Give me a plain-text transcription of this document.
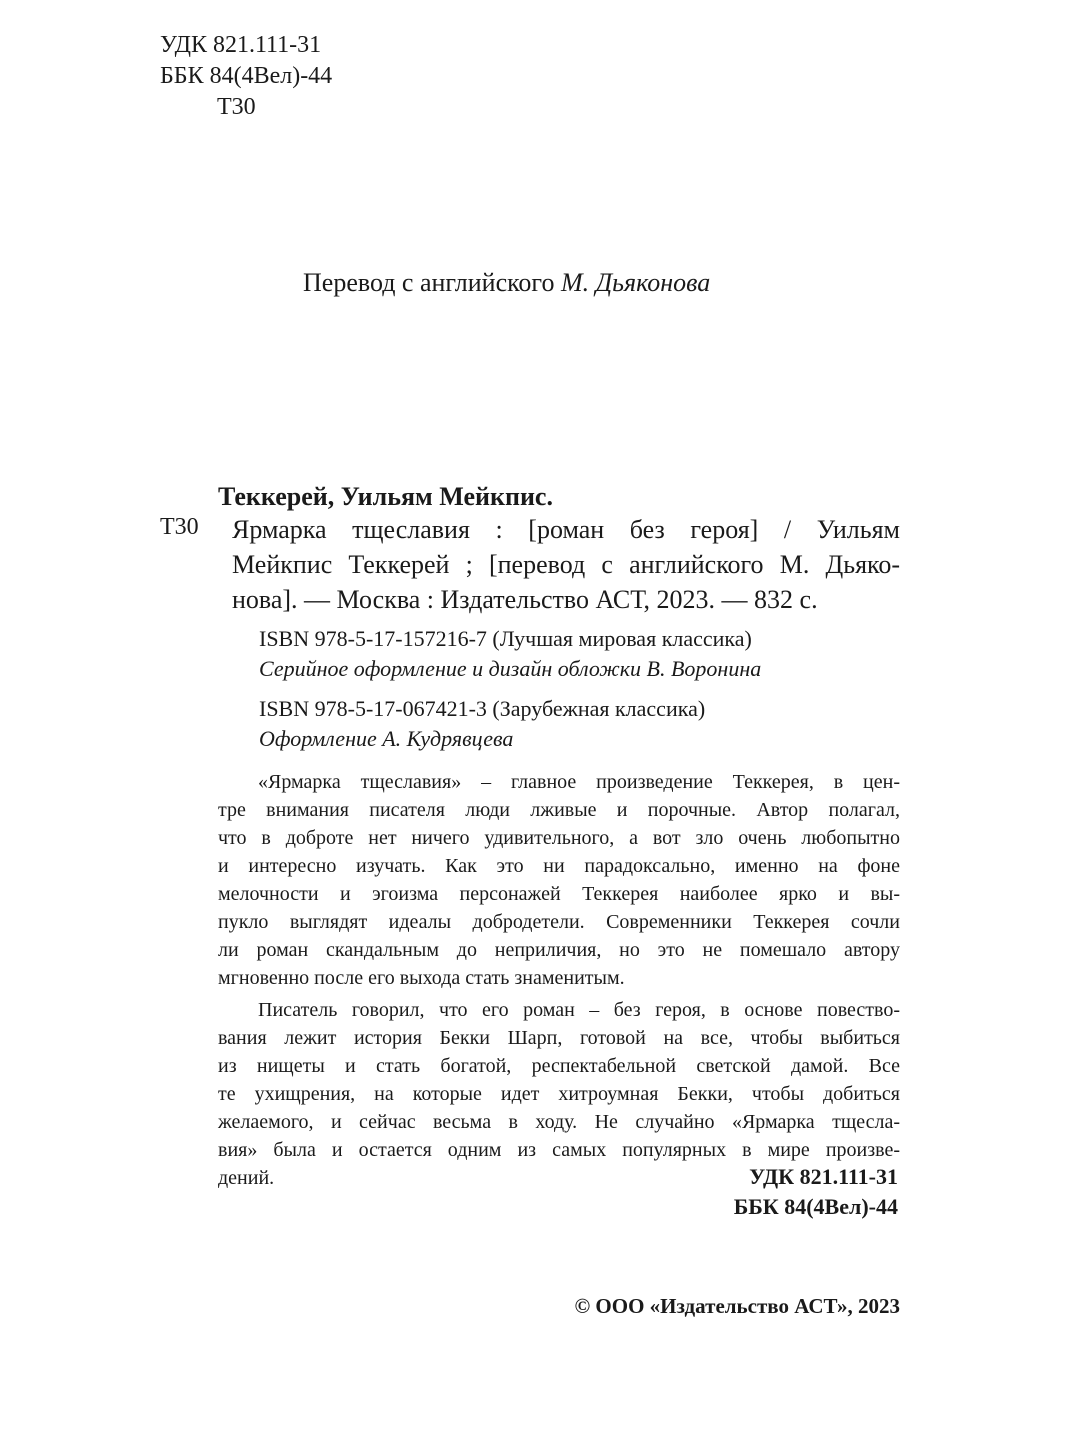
УДК 821.111-31
ББК 84(4Вел)-44
Т30
Перевод с английского М. Дьяконова
Теккерей, Уильям Мейкпис.
Т30 Ярмарка тщеславия : [роман без героя] / Уильям
Мейкпис Теккерей ; [перевод с английского М. Дьяко-
нова]. — Москва : Издательство АСТ, 2023. — 832 с.
ISBN 978-5-17-157216-7 (Лучшая мировая классика)
Серийное оформление и дизайн обложки В. Воронина
ISBN 978-5-17-067421-3 (Зарубежная классика)
Оформление А. Кудрявцева
«Ярмарка тщеславия» – главное произведение Теккерея, в цен-
тре внимания писателя люди лживые и порочные. Автор полагал,
что в доброте нет ничего удивительного, а вот зло очень любопытно
и интересно изучать. Как это ни парадоксально, именно на фоне
мелочности и эгоизма персонажей Теккерея наиболее ярко и вы-
пукло выглядят идеалы добродетели. Современники Теккерея сочли
ли роман скандальным до неприличия, но это не помешало автору
мгновенно после его выхода стать знаменитым.
Писатель говорил, что его роман – без героя, в основе повество-
вания лежит история Бекки Шарп, готовой на все, чтобы выбиться
из нищеты и стать богатой, респектабельной светской дамой. Все
те ухищрения, на которые идет хитроумная Бекки, чтобы добиться
желаемого, и сейчас весьма в ходу. Не случайно «Ярмарка тщесла-
вия» была и остается одним из самых популярных в мире произве-
дений.	УДК 821.111-31
ББК 84(4Вел)-44
© ООО «Издательство АСТ», 2023
